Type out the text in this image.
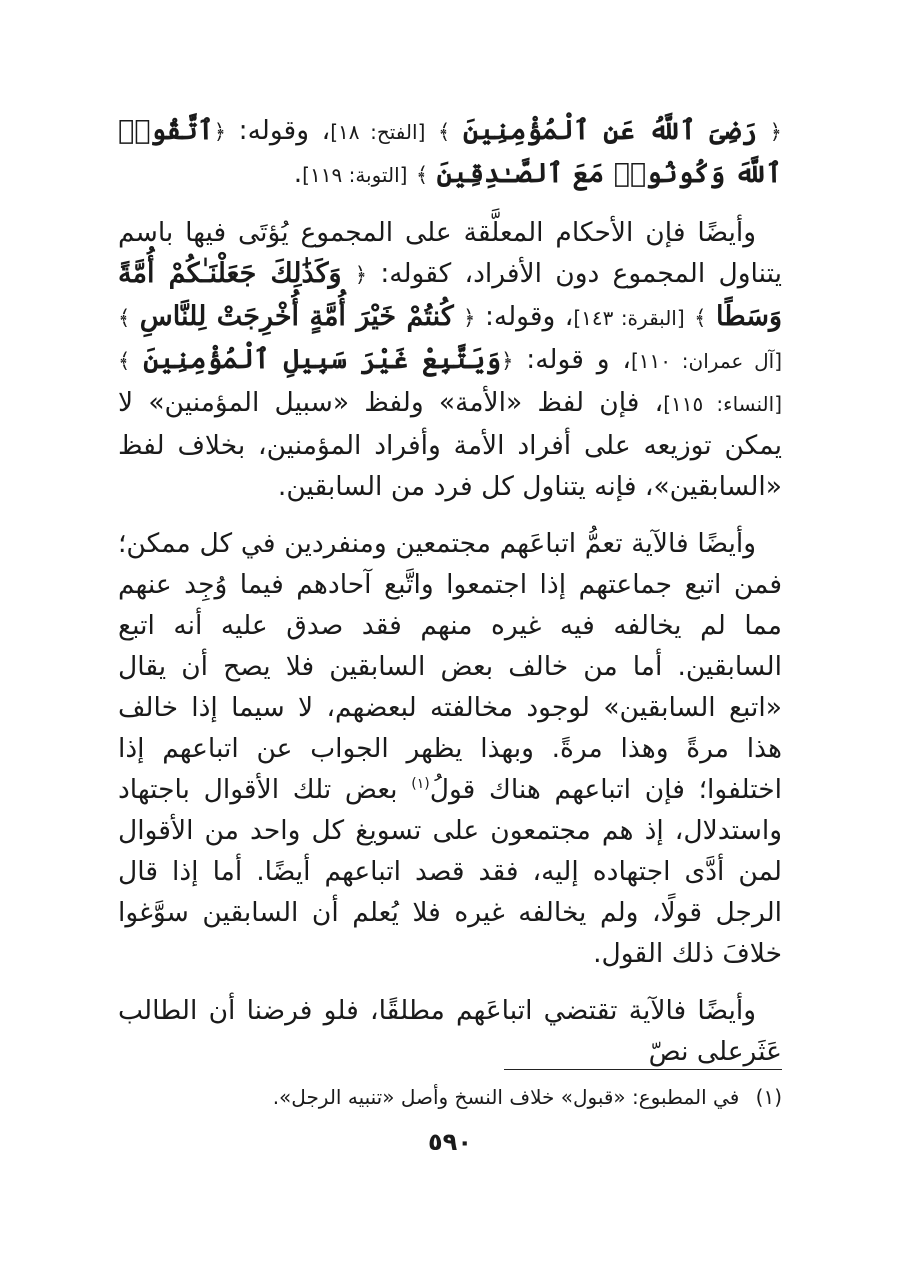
﴿ رَضِىَ ٱللَّهُ عَنِ ٱلْمُؤْمِنِينَ ﴾ [الفتح: ١٨]، وقوله: ﴿ٱتَّقُوا۟ ٱللَّهَ وَكُونُوا۟ مَعَ ٱلصَّـٰدِقِينَ ﴾ [التوبة: ١١٩].

وأيضًا فإن الأحكام المعلَّقة على المجموع يُؤتَى فيها باسم يتناول المجموع دون الأفراد، كقوله: ﴿ وَكَذَٰلِكَ جَعَلْنَـٰكُمْ أُمَّةً وَسَطًا ﴾ [البقرة: ١٤٣]، وقوله: ﴿ كُنتُمْ خَيْرَ أُمَّةٍ أُخْرِجَتْ لِلنَّاسِ ﴾ [آل عمران: ١١٠]، و قوله: ﴿وَيَتَّبِعْ غَيْرَ سَبِيلِ ٱلْمُؤْمِنِينَ ﴾ [النساء: ١١٥]، فإن لفظ «الأمة» ولفظ «سبيل المؤمنين» لا يمكن توزيعه على أفراد الأمة وأفراد المؤمنين، بخلاف لفظ «السابقين»، فإنه يتناول كل فرد من السابقين.

وأيضًا فالآية تعمُّ اتباعَهم مجتمعين ومنفردين في كل ممكن؛ فمن اتبع جماعتهم إذا اجتمعوا واتَّبع آحادهم فيما وُجِد عنهم مما لم يخالفه فيه غيره منهم فقد صدق عليه أنه اتبع السابقين. أما من خالف بعض السابقين فلا يصح أن يقال «اتبع السابقين» لوجود مخالفته لبعضهم، لا سيما إذا خالف هذا مرةً وهذا مرةً. وبهذا يظهر الجواب عن اتباعهم إذا اختلفوا؛ فإن اتباعهم هناك قولُ$^{(١)}$ بعض تلك الأقوال باجتهاد واستدلال، إذ هم مجتمعون على تسويغ كل واحد من الأقوال لمن أدَّى اجتهاده إليه، فقد قصد اتباعهم أيضًا. أما إذا قال الرجل قولًا، ولم يخالفه غيره فلا يُعلم أن السابقين سوَّغوا خلافَ ذلك القول.

وأيضًا فالآية تقتضي اتباعَهم مطلقًا، فلو فرضنا أن الطالب عَثَرعلى نصّ

(١) في المطبوع: «قبول» خلاف النسخ وأصل «تنبيه الرجل».
٥٩٠
